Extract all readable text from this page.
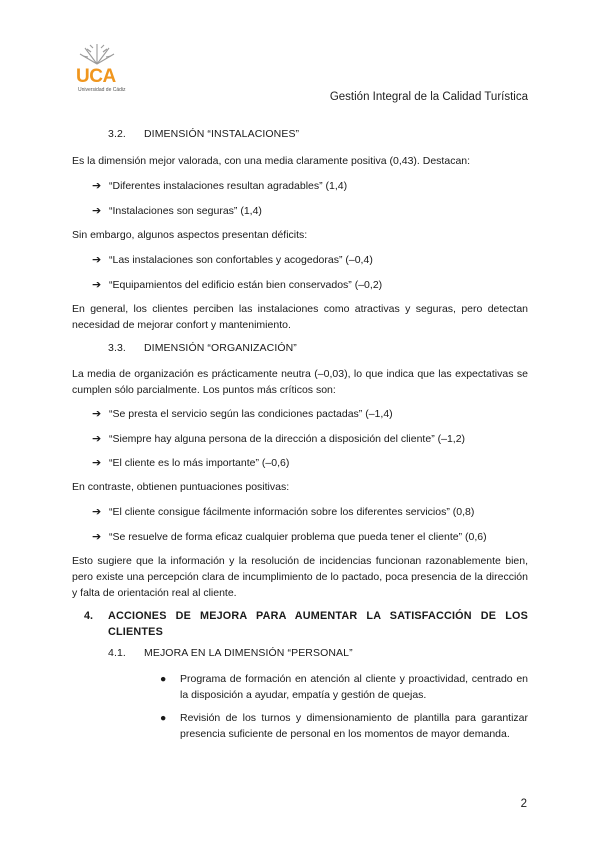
UCA
Universidad de Cádiz

Gestión Integral de la Calidad Turística

3.2. DIMENSIÓN “INSTALACIONES”

Es la dimensión mejor valorada, con una media claramente positiva (0,43). Destacan:

➔ “Diferentes instalaciones resultan agradables” (1,4)

➔ “Instalaciones son seguras” (1,4)

Sin embargo, algunos aspectos presentan déficits:

➔ “Las instalaciones son confortables y acogedoras” (–0,4)

➔ “Equipamientos del edificio están bien conservados” (–0,2)

En general, los clientes perciben las instalaciones como atractivas y seguras, pero detectan necesidad de mejorar confort y mantenimiento.

3.3. DIMENSIÓN “ORGANIZACIÓN”

La media de organización es prácticamente neutra (–0,03), lo que indica que las expectativas se cumplen sólo parcialmente. Los puntos más críticos son:

➔ “Se presta el servicio según las condiciones pactadas” (–1,4)

➔ “Siempre hay alguna persona de la dirección a disposición del cliente” (–1,2)

➔ “El cliente es lo más importante” (–0,6)

En contraste, obtienen puntuaciones positivas:

➔ “El cliente consigue fácilmente información sobre los diferentes servicios” (0,8)

➔ “Se resuelve de forma eficaz cualquier problema que pueda tener el cliente” (0,6)

Esto sugiere que la información y la resolución de incidencias funcionan razonablemente bien, pero existe una percepción clara de incumplimiento de lo pactado, poca presencia de la dirección y falta de orientación real al cliente.

4. ACCIONES DE MEJORA PARA AUMENTAR LA SATISFACCIÓN DE LOS CLIENTES

4.1. MEJORA EN LA DIMENSIÓN “PERSONAL”

● Programa de formación en atención al cliente y proactividad, centrado en la disposición a ayudar, empatía y gestión de quejas.
● Revisión de los turnos y dimensionamiento de plantilla para garantizar presencia suficiente de personal en los momentos de mayor demanda.

2
